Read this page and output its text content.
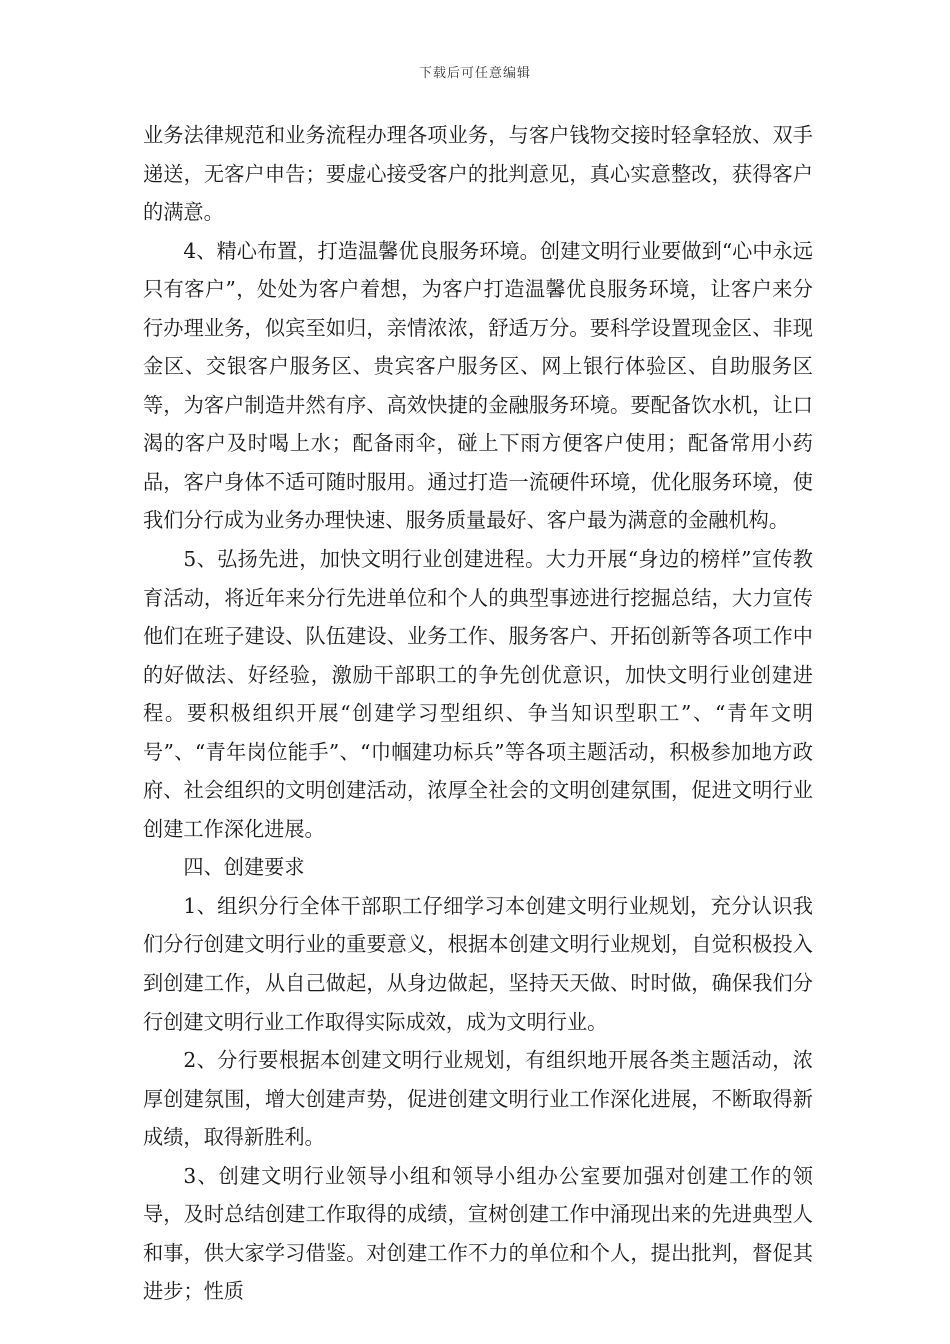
下载后可任意编辑

业务法律规范和业务流程办理各项业务，与客户钱物交接时轻拿轻放、双手递送，无客户申告；要虚心接受客户的批判意见，真心实意整改，获得客户的满意。

4、精心布置，打造温馨优良服务环境。创建文明行业要做到“心中永远只有客户”，处处为客户着想，为客户打造温馨优良服务环境，让客户来分行办理业务，似宾至如归，亲情浓浓，舒适万分。要科学设置现金区、非现金区、交银客户服务区、贵宾客户服务区、网上银行体验区、自助服务区等，为客户制造井然有序、高效快捷的金融服务环境。要配备饮水机，让口渴的客户及时喝上水；配备雨伞，碰上下雨方便客户使用；配备常用小药品，客户身体不适可随时服用。通过打造一流硬件环境，优化服务环境，使我们分行成为业务办理快速、服务质量最好、客户最为满意的金融机构。

5、弘扬先进，加快文明行业创建进程。大力开展“身边的榜样”宣传教育活动，将近年来分行先进单位和个人的典型事迹进行挖掘总结，大力宣传他们在班子建设、队伍建设、业务工作、服务客户、开拓创新等各项工作中的好做法、好经验，激励干部职工的争先创优意识，加快文明行业创建进程。要积极组织开展“创建学习型组织、争当知识型职工”、“青年文明号”、“青年岗位能手”、“巾帼建功标兵”等各项主题活动，积极参加地方政府、社会组织的文明创建活动，浓厚全社会的文明创建氛围，促进文明行业创建工作深化进展。

四、创建要求

1、组织分行全体干部职工仔细学习本创建文明行业规划，充分认识我们分行创建文明行业的重要意义，根据本创建文明行业规划，自觉积极投入到创建工作，从自己做起，从身边做起，坚持天天做、时时做，确保我们分行创建文明行业工作取得实际成效，成为文明行业。

2、分行要根据本创建文明行业规划，有组织地开展各类主题活动，浓厚创建氛围，增大创建声势，促进创建文明行业工作深化进展，不断取得新成绩，取得新胜利。

3、创建文明行业领导小组和领导小组办公室要加强对创建工作的领导，及时总结创建工作取得的成绩，宣树创建工作中涌现出来的先进典型人和事，供大家学习借鉴。对创建工作不力的单位和个人，提出批判，督促其进步；性质
